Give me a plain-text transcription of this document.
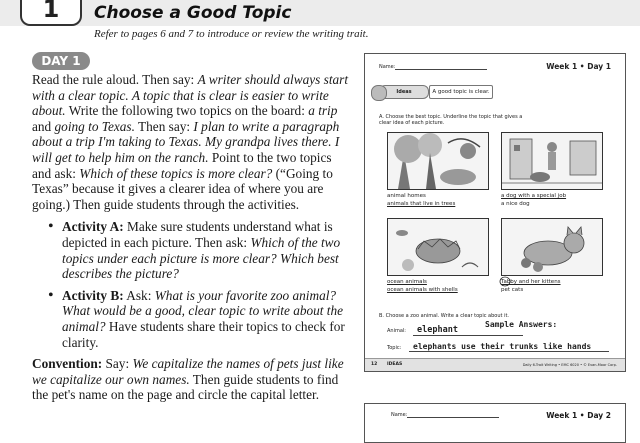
1	Choose a Good Topic
Refer to pages 6 and 7 to introduce or review the writing trait.
DAY 1

Read the rule aloud. Then say: A writer should always start with a clear topic. A topic that is clear is easier to write about. Write the following two topics on the board: a trip and going to Texas. Then say: I plan to write a paragraph about a trip I'm taking to Texas. My grandpa lives there. I will get to help him on the ranch. Point to the two topics and ask: Which of these topics is more clear? (“Going to Texas” because it gives a clearer idea of where you are going.) Then guide students through the activities.

• Activity A: Make sure students understand what is depicted in each picture. Then ask: Which of the two topics under each picture is more clear? Which best describes the picture?
• Activity B: Ask: What is your favorite zoo animal? What would be a good, clear topic to write about the animal? Have students share their topics to check for clarity.

Convention: Say: We capitalize the names of pets just like we capitalize our own names. Then guide students to find the pet's name on the page and circle the capital letter.

Name:	Week 1 • Day 1
Ideas	A good topic is clear.
A. Choose the best topic. Underline the topic that gives a clear idea of each picture.
animal homes
animals that live in trees
a dog with a special job
a nice dog
ocean animals
ocean animals with shells
Tabby and her kittens
pet cats
B. Choose a zoo animal. Write a clear topic about it.
Sample Answers:
Animal: elephant
Topic: elephants use their trunks like hands
12 IDEAS	Daily 6-Trait Writing • EMC 6020 • © Evan-Moor Corp.
Name:	Week 1 • Day 2
